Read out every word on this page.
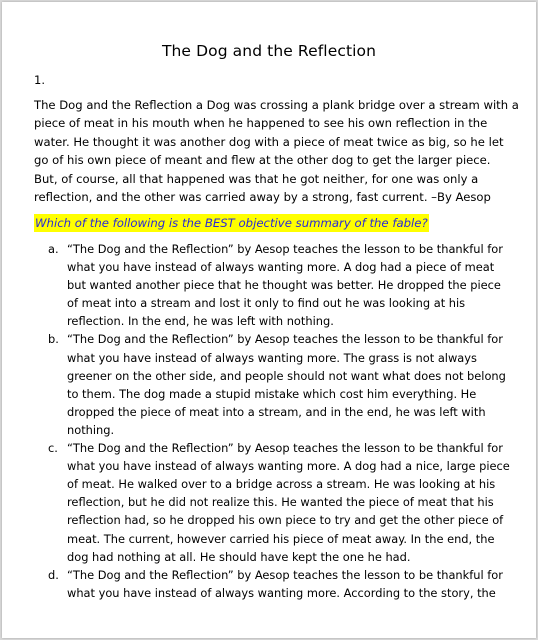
The Dog and the Reflection
1.
The Dog and the Reflection a Dog was crossing a plank bridge over a stream with a
piece of meat in his mouth when he happened to see his own reflection in the
water. He thought it was another dog with a piece of meat twice as big, so he let
go of his own piece of meant and flew at the other dog to get the larger piece.
But, of course, all that happened was that he got neither, for one was only a
reflection, and the other was carried away by a strong, fast current. –By Aesop
Which of the following is the BEST objective summary of the fable?
a. “The Dog and the Reflection” by Aesop teaches the lesson to be thankful for
what you have instead of always wanting more. A dog had a piece of meat
but wanted another piece that he thought was better. He dropped the piece
of meat into a stream and lost it only to find out he was looking at his
reflection. In the end, he was left with nothing.
b. “The Dog and the Reflection” by Aesop teaches the lesson to be thankful for
what you have instead of always wanting more. The grass is not always
greener on the other side, and people should not want what does not belong
to them. The dog made a stupid mistake which cost him everything. He
dropped the piece of meat into a stream, and in the end, he was left with
nothing.
c. “The Dog and the Reflection” by Aesop teaches the lesson to be thankful for
what you have instead of always wanting more. A dog had a nice, large piece
of meat. He walked over to a bridge across a stream. He was looking at his
reflection, but he did not realize this. He wanted the piece of meat that his
reflection had, so he dropped his own piece to try and get the other piece of
meat. The current, however carried his piece of meat away. In the end, the
dog had nothing at all. He should have kept the one he had.
d. “The Dog and the Reflection” by Aesop teaches the lesson to be thankful for
what you have instead of always wanting more. According to the story, the
